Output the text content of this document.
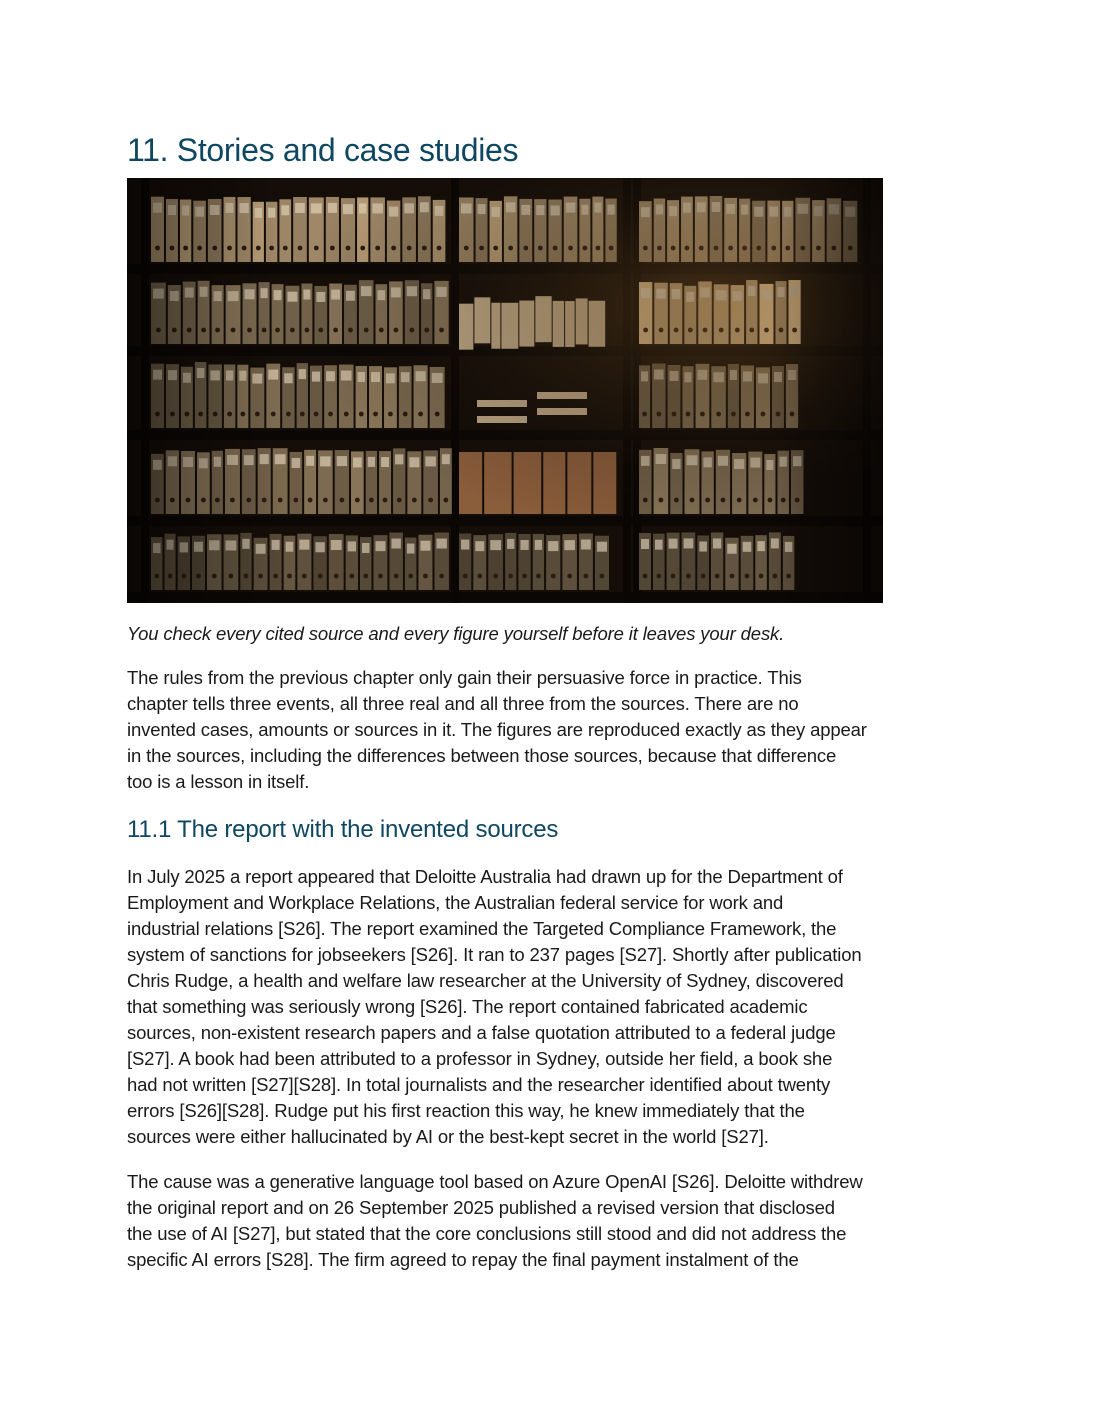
11. Stories and case studies

You check every cited source and every figure yourself before it leaves your desk.

The rules from the previous chapter only gain their persuasive force in practice. This
chapter tells three events, all three real and all three from the sources. There are no
invented cases, amounts or sources in it. The figures are reproduced exactly as they appear
in the sources, including the differences between those sources, because that difference
too is a lesson in itself.
11.1 The report with the invented sources
In July 2025 a report appeared that Deloitte Australia had drawn up for the Department of
Employment and Workplace Relations, the Australian federal service for work and
industrial relations [S26]. The report examined the Targeted Compliance Framework, the
system of sanctions for jobseekers [S26]. It ran to 237 pages [S27]. Shortly after publication
Chris Rudge, a health and welfare law researcher at the University of Sydney, discovered
that something was seriously wrong [S26]. The report contained fabricated academic
sources, non-existent research papers and a false quotation attributed to a federal judge
[S27]. A book had been attributed to a professor in Sydney, outside her field, a book she
had not written [S27][S28]. In total journalists and the researcher identified about twenty
errors [S26][S28]. Rudge put his first reaction this way, he knew immediately that the
sources were either hallucinated by AI or the best-kept secret in the world [S27].
The cause was a generative language tool based on Azure OpenAI [S26]. Deloitte withdrew
the original report and on 26 September 2025 published a revised version that disclosed
the use of AI [S27], but stated that the core conclusions still stood and did not address the
specific AI errors [S28]. The firm agreed to repay the final payment instalment of the
